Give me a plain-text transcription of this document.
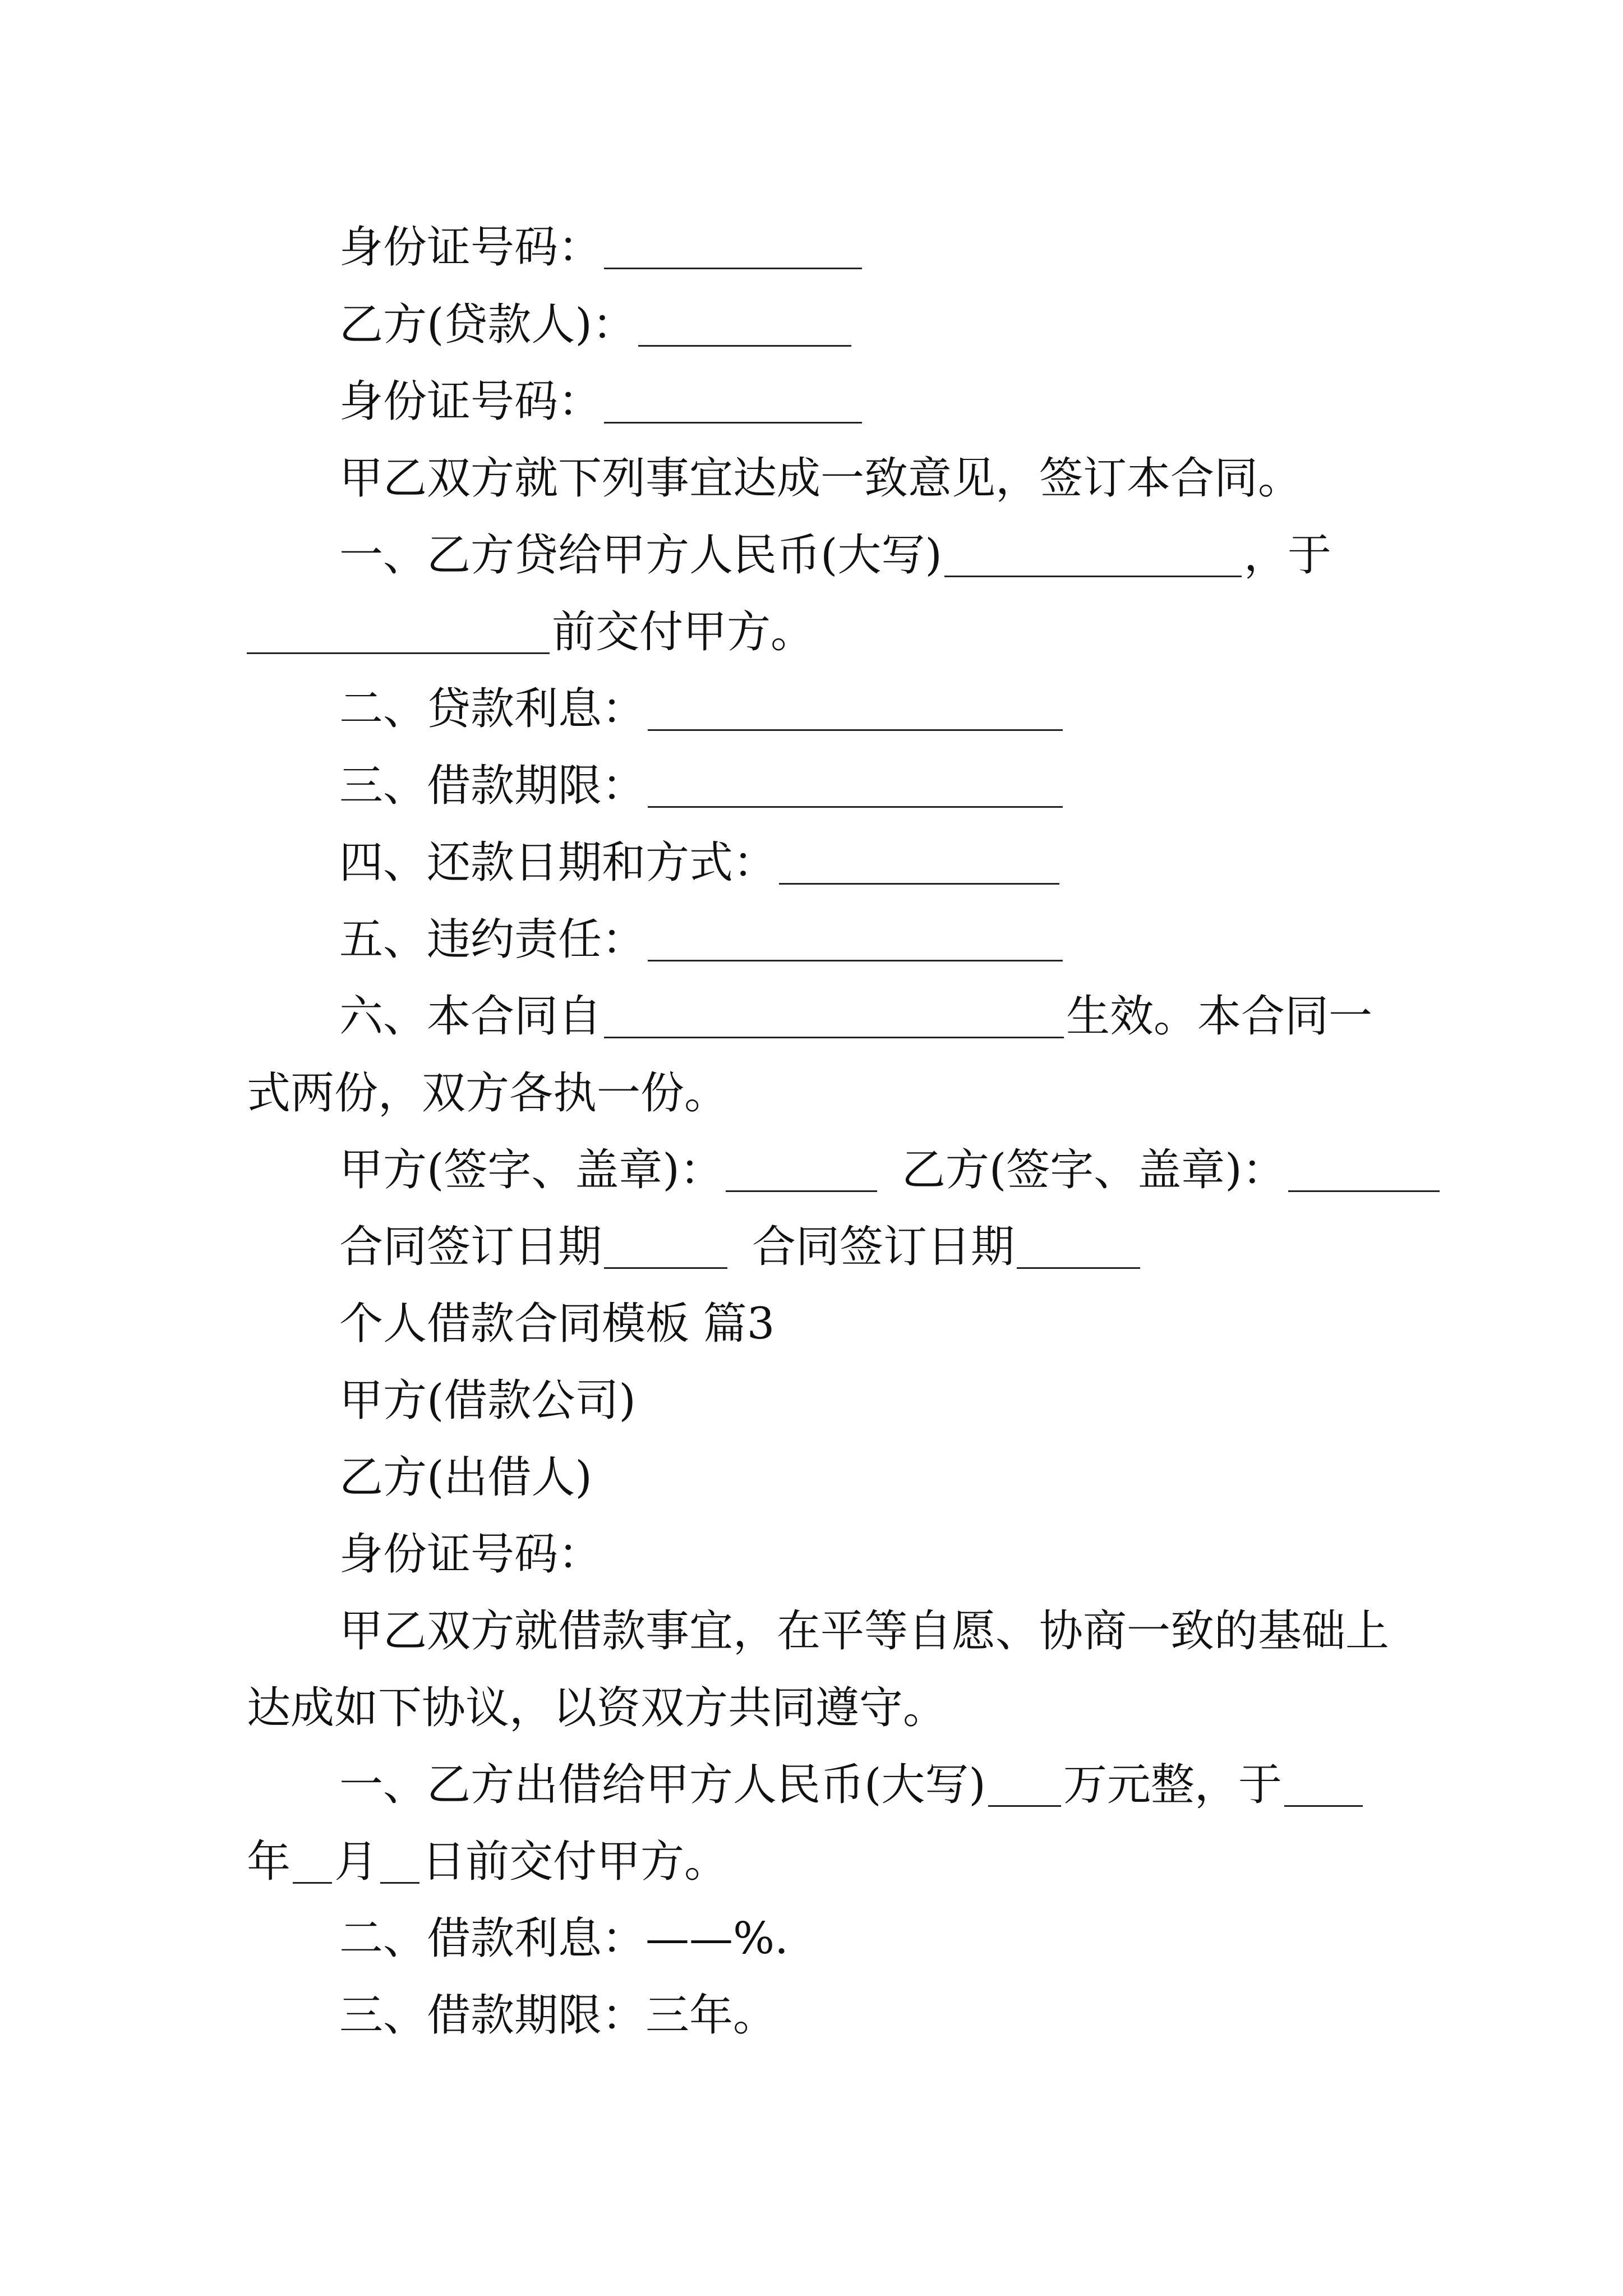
身份证号码：
乙方(贷款人)：
身份证号码：
甲乙双方就下列事宜达成一致意见，签订本合同。
一、乙方贷给甲方人民币(大写)	，于
前交付甲方。
二、贷款利息：
三、借款期限：
四、还款日期和方式：
五、违约责任：
六、本合同自	生效。本合同一
式两份，双方各执一份。
甲方(签字、盖章)：	乙方(签字、盖章)：
合同签订日期	合同签订日期
个人借款合同模板 篇3
甲方(借款公司)
乙方(出借人)
身份证号码：
甲乙双方就借款事宜，在平等自愿、协商一致的基础上
达成如下协议，以资双方共同遵守。
一、乙方出借给甲方人民币(大写) 万元整，于
年 月 日前交付甲方。
二、借款利息：——%.
三、借款期限：三年。
